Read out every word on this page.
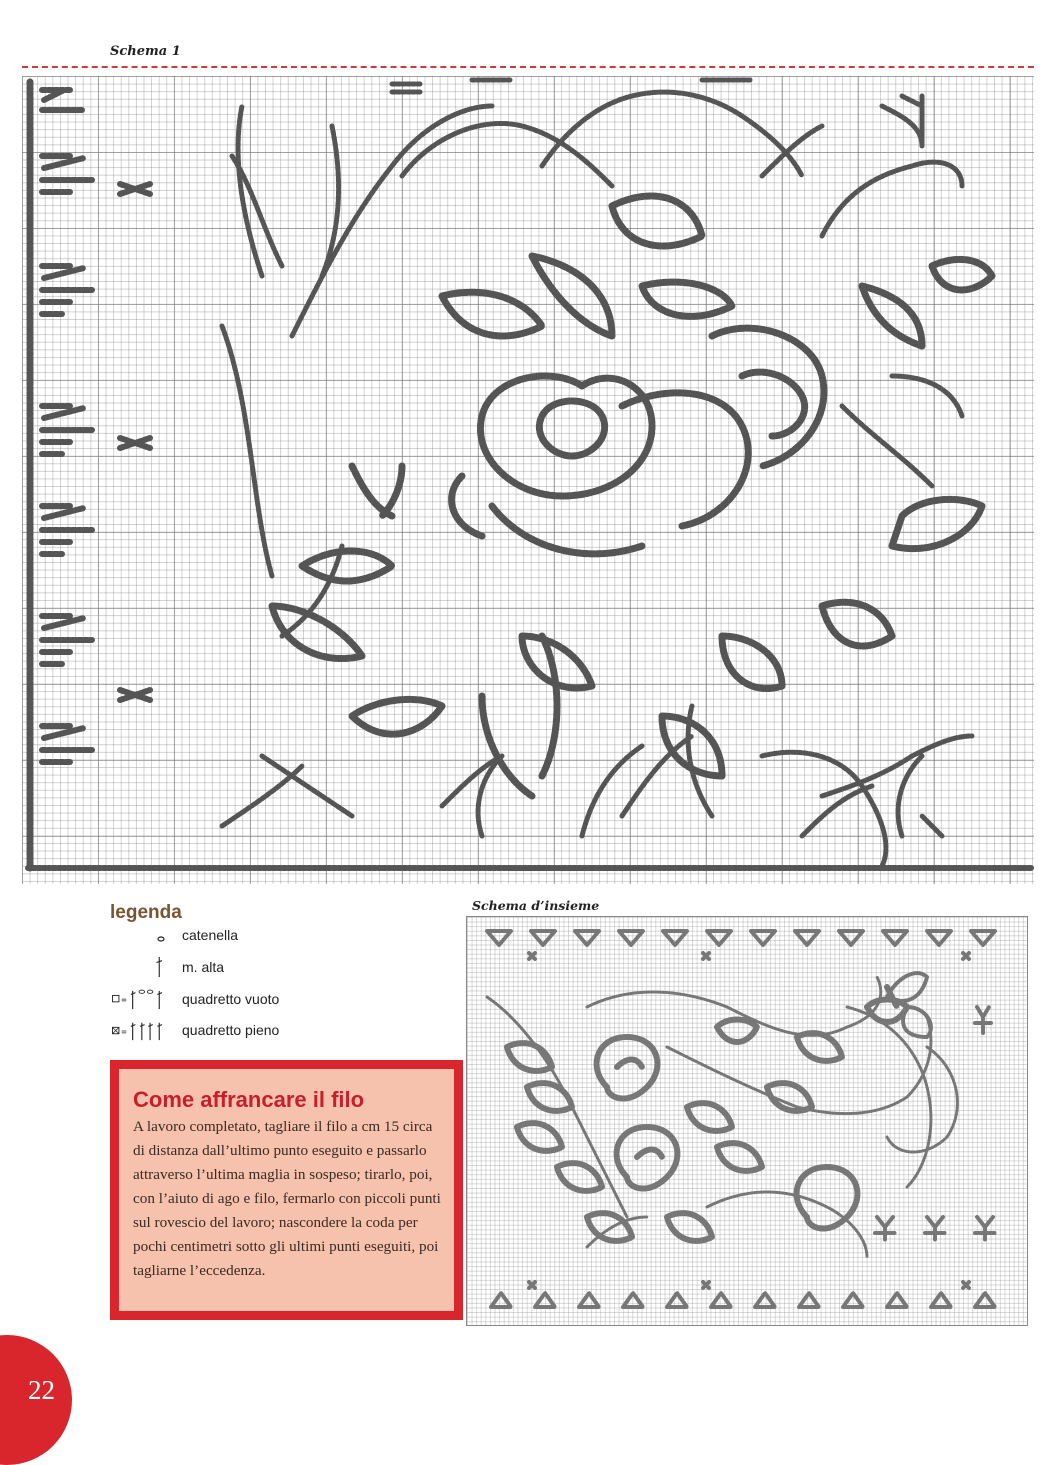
Schema 1
legenda
catenella
m. alta
quadretto vuoto
quadretto pieno
Come affrancare il filo
A lavoro completato, tagliare il filo a cm 15 circa di distanza dall’ultimo punto eseguito e passarlo attraverso l’ultima maglia in sospeso; tirarlo, poi, con l’aiuto di ago e filo, fermarlo con piccoli punti sul rovescio del lavoro; nascondere la coda per pochi centimetri sotto gli ultimi punti eseguiti, poi tagliarne l’eccedenza.
Schema d’insieme
22
